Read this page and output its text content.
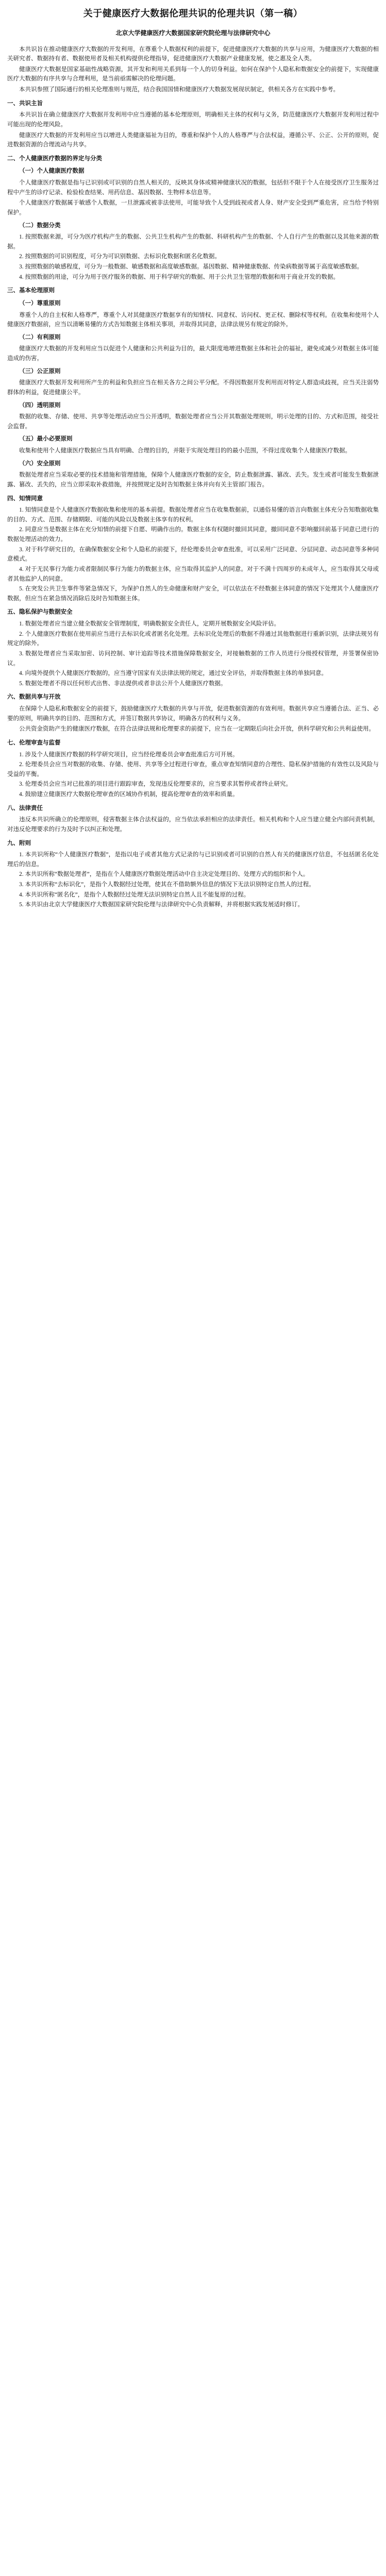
关于健康医疗大数据伦理共识的伦理共识（第一稿）
北京大学健康医疗大数据国家研究院伦理与法律研究中心
本共识旨在推动健康医疗大数据的开发利用，在尊重个人数据权利的前提下，促进健康医疗大数据的共享与应用，为健康医疗大数据的相关研究者、数据持有者、数据使用者及相关机构提供伦理指导，促进健康医疗大数据产业健康发展，使之惠及全人类。
健康医疗大数据是国家基础性战略资源，其开发和利用关系到每一个人的切身利益。如何在保护个人隐私和数据安全的前提下，实现健康医疗大数据的有序共享与合理利用，是当前亟需解决的伦理问题。
本共识参照了国际通行的相关伦理准则与规范，结合我国国情和健康医疗大数据发展现状制定，供相关各方在实践中参考。
一、共识主旨
本共识旨在确立健康医疗大数据开发利用中应当遵循的基本伦理原则，明确相关主体的权利与义务，防范健康医疗大数据开发利用过程中可能出现的伦理风险。
健康医疗大数据的开发利用应当以增进人类健康福祉为目的，尊重和保护个人的人格尊严与合法权益，遵循公平、公正、公开的原则，促进数据资源的合理流动与共享。
二、个人健康医疗数据的界定与分类
（一）个人健康医疗数据
个人健康医疗数据是指与已识别或可识别的自然人相关的，反映其身体或精神健康状况的数据，包括但不限于个人在接受医疗卫生服务过程中产生的诊疗记录、检验检查结果、用药信息、基因数据、生物样本信息等。
个人健康医疗数据属于敏感个人数据，一旦泄露或被非法使用，可能导致个人受到歧视或者人身、财产安全受到严重危害，应当给予特别保护。
（二）数据分类
1. 按照数据来源，可分为医疗机构产生的数据、公共卫生机构产生的数据、科研机构产生的数据、个人自行产生的数据以及其他来源的数据。
2. 按照数据的可识别程度，可分为可识别数据、去标识化数据和匿名化数据。
3. 按照数据的敏感程度，可分为一般数据、敏感数据和高度敏感数据。基因数据、精神健康数据、传染病数据等属于高度敏感数据。
4. 按照数据的用途，可分为用于医疗服务的数据、用于科学研究的数据、用于公共卫生管理的数据和用于商业开发的数据。
三、基本伦理原则
（一）尊重原则
尊重个人的自主权和人格尊严，尊重个人对其健康医疗数据享有的知情权、同意权、访问权、更正权、删除权等权利。在收集和使用个人健康医疗数据前，应当以清晰易懂的方式告知数据主体相关事项，并取得其同意，法律法规另有规定的除外。
（二）有利原则
健康医疗大数据的开发利用应当以促进个人健康和公共利益为目的，最大限度地增进数据主体和社会的福祉，避免或减少对数据主体可能造成的伤害。
（三）公正原则
健康医疗大数据开发利用所产生的利益和负担应当在相关各方之间公平分配。不得因数据开发利用而对特定人群造成歧视，应当关注弱势群体的利益，促进健康公平。
（四）透明原则
数据的收集、存储、使用、共享等处理活动应当公开透明，数据处理者应当公开其数据处理规则，明示处理的目的、方式和范围，接受社会监督。
（五）最小必要原则
收集和使用个人健康医疗数据应当具有明确、合理的目的，并限于实现处理目的的最小范围，不得过度收集个人健康医疗数据。
（六）安全原则
数据处理者应当采取必要的技术措施和管理措施，保障个人健康医疗数据的安全，防止数据泄露、篡改、丢失。发生或者可能发生数据泄露、篡改、丢失的，应当立即采取补救措施，并按照规定及时告知数据主体并向有关主管部门报告。
四、知情同意
1. 知情同意是个人健康医疗数据收集和使用的基本前提。数据处理者应当在收集数据前，以通俗易懂的语言向数据主体充分告知数据收集的目的、方式、范围、存储期限、可能的风险以及数据主体享有的权利。
2. 同意应当是数据主体在充分知情的前提下自愿、明确作出的。数据主体有权随时撤回其同意，撤回同意不影响撤回前基于同意已进行的数据处理活动的效力。
3. 对于科学研究目的，在确保数据安全和个人隐私的前提下，经伦理委员会审查批准，可以采用广泛同意、分层同意、动态同意等多种同意模式。
4. 对于无民事行为能力或者限制民事行为能力的数据主体，应当取得其监护人的同意。对于不满十四周岁的未成年人，应当取得其父母或者其他监护人的同意。
5. 在突发公共卫生事件等紧急情况下，为保护自然人的生命健康和财产安全，可以依法在不经数据主体同意的情况下处理其个人健康医疗数据，但应当在紧急情况消除后及时告知数据主体。
五、隐私保护与数据安全
1. 数据处理者应当建立健全数据安全管理制度，明确数据安全责任人，定期开展数据安全风险评估。
2. 个人健康医疗数据在使用前应当进行去标识化或者匿名化处理。去标识化处理后的数据不得通过其他数据进行重新识别，法律法规另有规定的除外。
3. 数据处理者应当采取加密、访问控制、审计追踪等技术措施保障数据安全，对接触数据的工作人员进行分级授权管理，并签署保密协议。
4. 向境外提供个人健康医疗数据的，应当遵守国家有关法律法规的规定，通过安全评估，并取得数据主体的单独同意。
5. 数据处理者不得以任何形式出售、非法提供或者非法公开个人健康医疗数据。
六、数据共享与开放
在保障个人隐私和数据安全的前提下，鼓励健康医疗大数据的共享与开放，促进数据资源的有效利用。数据共享应当遵循合法、正当、必要的原则，明确共享的目的、范围和方式，并签订数据共享协议，明确各方的权利与义务。
公共资金资助产生的健康医疗数据，在符合法律法规和伦理要求的前提下，应当在一定期限后向社会开放，供科学研究和公共利益使用。
七、伦理审查与监督
1. 涉及个人健康医疗数据的科学研究项目，应当经伦理委员会审查批准后方可开展。
2. 伦理委员会应当对数据的收集、存储、使用、共享等全过程进行审查，重点审查知情同意的合理性、隐私保护措施的有效性以及风险与受益的平衡。
3. 伦理委员会应当对已批准的项目进行跟踪审查，发现违反伦理要求的，应当要求其暂停或者终止研究。
4. 鼓励建立健康医疗大数据伦理审查的区域协作机制，提高伦理审查的效率和质量。
八、法律责任
违反本共识所确立的伦理原则，侵害数据主体合法权益的，应当依法承担相应的法律责任。相关机构和个人应当建立健全内部问责机制，对违反伦理要求的行为及时予以纠正和处理。
九、附则
1. 本共识所称“个人健康医疗数据”，是指以电子或者其他方式记录的与已识别或者可识别的自然人有关的健康医疗信息，不包括匿名化处理后的信息。
2. 本共识所称“数据处理者”，是指在个人健康医疗数据处理活动中自主决定处理目的、处理方式的组织和个人。
3. 本共识所称“去标识化”，是指个人数据经过处理，使其在不借助额外信息的情况下无法识别特定自然人的过程。
4. 本共识所称“匿名化”，是指个人数据经过处理无法识别特定自然人且不能复原的过程。
5. 本共识由北京大学健康医疗大数据国家研究院伦理与法律研究中心负责解释，并将根据实践发展适时修订。
